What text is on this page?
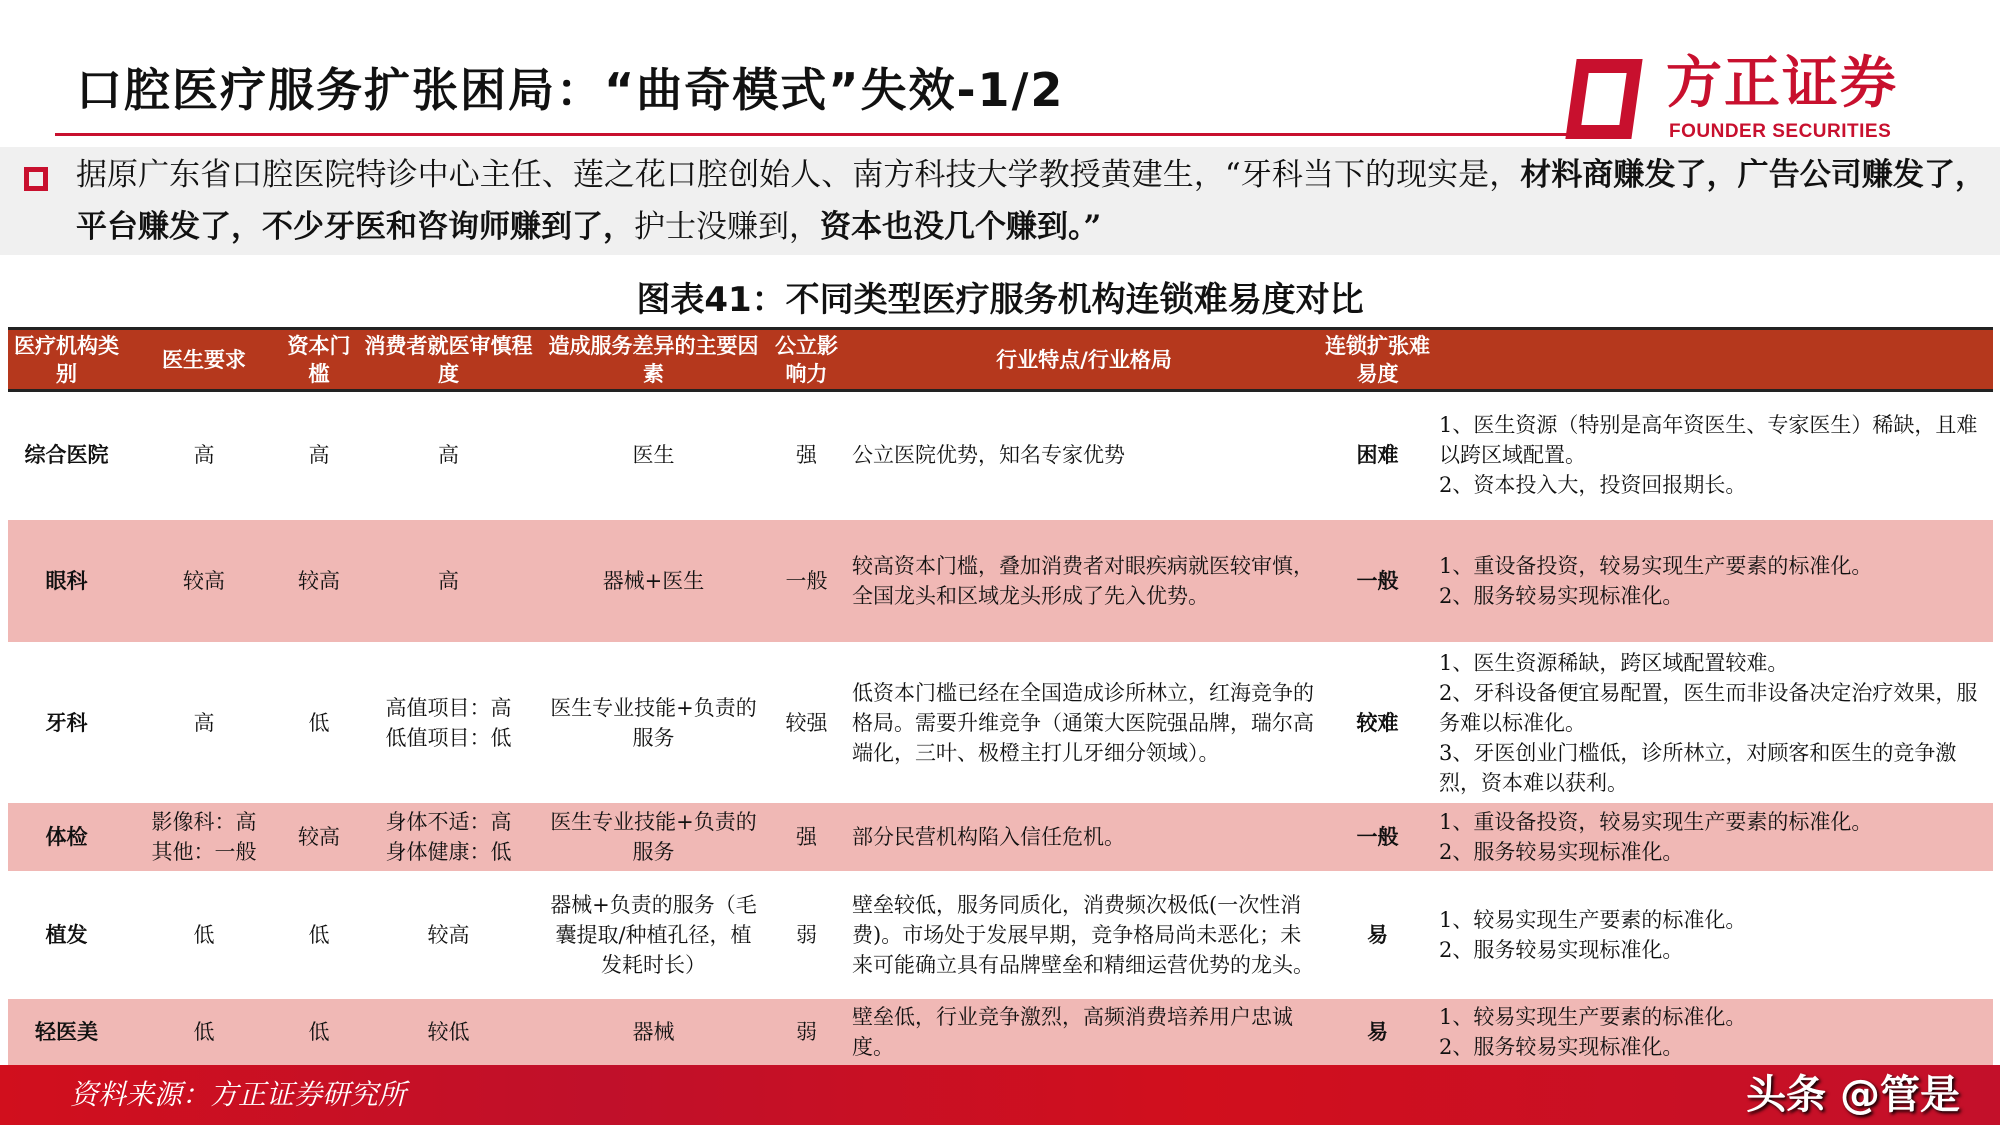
口腔医疗服务扩张困局：“曲奇模式”失效-1/2	方正证券
FOUNDER SECURITIES
据原广东省口腔医院特诊中心主任、莲之花口腔创始人、南方科技大学教授黄建生，“牙科当下的现实是，材料商赚发了，广告公司赚发了，平台赚发了，不少牙医和咨询师赚到了，护士没赚到，资本也没几个赚到。”
图表41：不同类型医疗服务机构连锁难易度对比
医疗机构类别	医生要求	资本门槛	消费者就医审慎程度	造成服务差异的主要因素	公立影响力	行业特点/行业格局	连锁扩张难易度	
综合医院	高	高	高	医生	强	公立医院优势，知名专家优势	困难	1、医生资源（特别是高年资医生、专家医生）稀缺，且难以跨区域配置。
2、资本投入大，投资回报期长。
眼科	较高	较高	高	器械+医生	一般	较高资本门槛，叠加消费者对眼疾病就医较审慎，全国龙头和区域龙头形成了先入优势。	一般	1、重设备投资，较易实现生产要素的标准化。
2、服务较易实现标准化。
牙科	高	低	高值项目：高
低值项目：低	医生专业技能+负责的服务	较强	低资本门槛已经在全国造成诊所林立，红海竞争的格局。需要升维竞争（通策大医院强品牌，瑞尔高端化，三叶、极橙主打儿牙细分领域）。	较难	1、医生资源稀缺，跨区域配置较难。
2、牙科设备便宜易配置，医生而非设备决定治疗效果，服务难以标准化。
3、牙医创业门槛低，诊所林立，对顾客和医生的竞争激烈，资本难以获利。
体检	影像科：高
其他：一般	较高	身体不适：高
身体健康：低	医生专业技能+负责的服务	强	部分民营机构陷入信任危机。	一般	1、重设备投资，较易实现生产要素的标准化。
2、服务较易实现标准化。
植发	低	低	较高	器械+负责的服务（毛囊提取/种植孔径，植发耗时长）	弱	壁垒较低，服务同质化，消费频次极低(一次性消费)。市场处于发展早期，竞争格局尚未恶化；未来可能确立具有品牌壁垒和精细运营优势的龙头。	易	1、较易实现生产要素的标准化。
2、服务较易实现标准化。
轻医美	低	低	较低	器械	弱	壁垒低，行业竞争激烈，高频消费培养用户忠诚度。	易	1、较易实现生产要素的标准化。
2、服务较易实现标准化。
资料来源：方正证券研究所	头条 @管是
